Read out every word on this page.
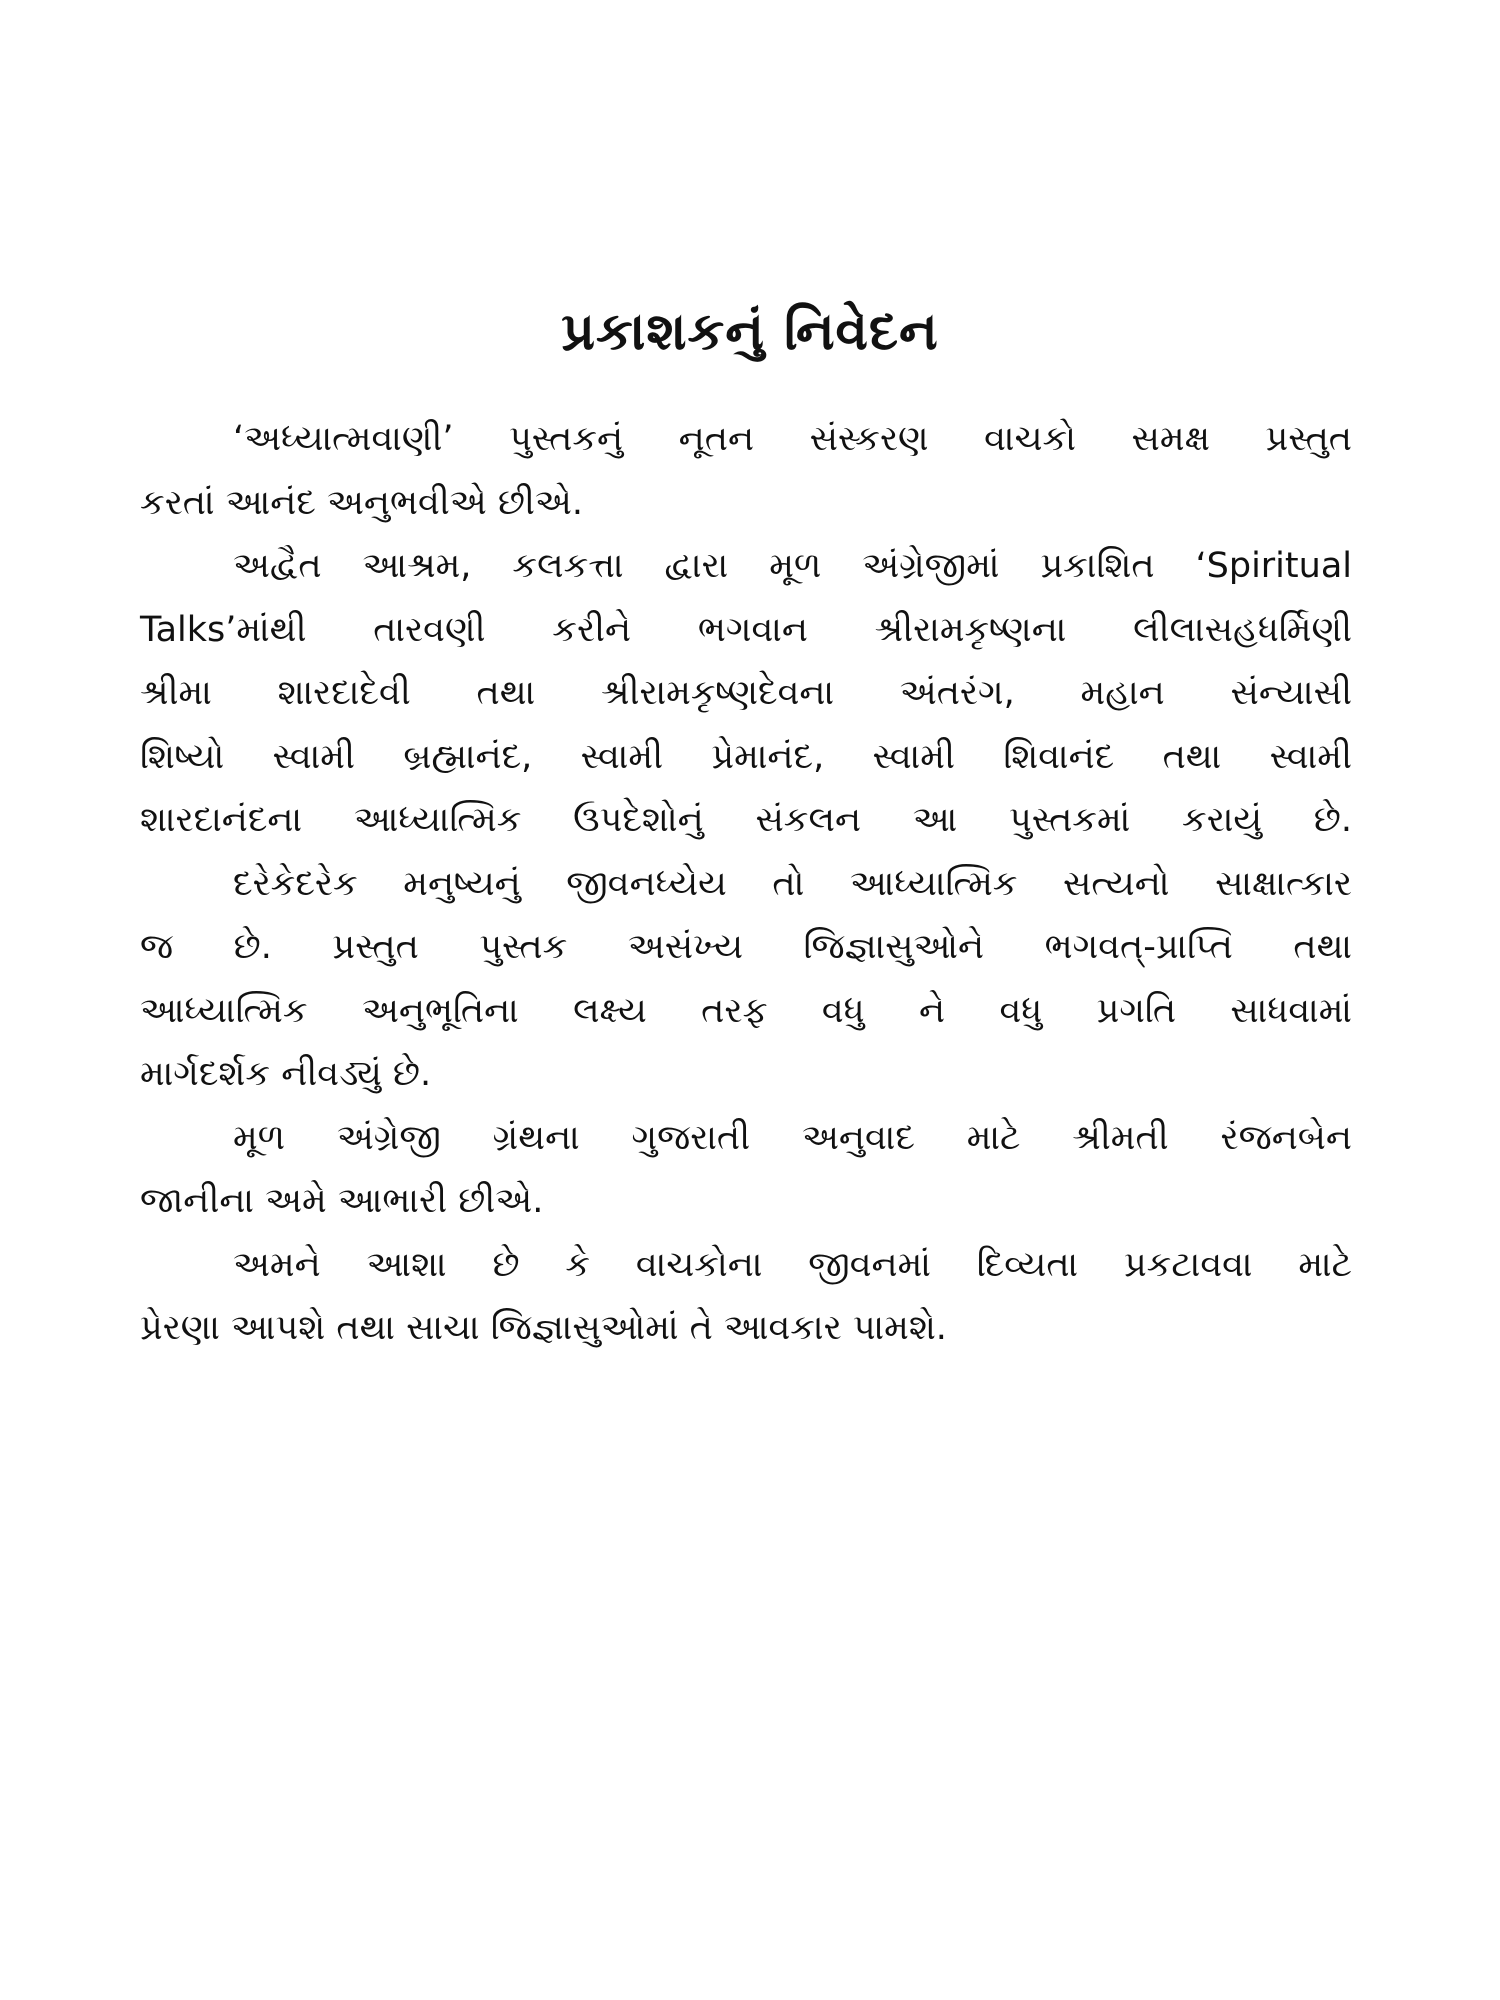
પ્રકાશકનું નિવેદન

‘અધ્યાત્મવાણી’ પુસ્તકનું નૂતન સંસ્કરણ વાચકો સમક્ષ પ્રસ્તુત
કરતાં આનંદ અનુભવીએ છીએ.

અદ્વૈત આશ્રમ, કલકત્તા દ્વારા મૂળ અંગ્રેજીમાં પ્રકાશિત ‘Spiritual
Talks’માંથી તારવણી કરીને ભગવાન શ્રીરામકૃષ્ણના લીલાસહધર્મિણી
શ્રીમા શારદાદેવી તથા શ્રીરામકૃષ્ણદેવના અંતરંગ, મહાન સંન્યાસી
શિષ્યો સ્વામી બ્રહ્માનંદ, સ્વામી પ્રેમાનંદ, સ્વામી શિવાનંદ તથા સ્વામી
શારદાનંદના આધ્યાત્મિક ઉપદેશોનું સંકલન આ પુસ્તકમાં કરાયું છે.

દરેકેદરેક મનુષ્યનું જીવનધ્યેય તો આધ્યાત્મિક સત્યનો સાક્ષાત્કાર
જ છે. પ્રસ્તુત પુસ્તક અસંખ્ય જિજ્ઞાસુઓને ભગવત્-પ્રાપ્તિ તથા
આધ્યાત્મિક અનુભૂતિના લક્ષ્ય તરફ વધુ ને વધુ પ્રગતિ સાધવામાં
માર્ગદર્શક નીવડ્યું છે.

મૂળ અંગ્રેજી ગ્રંથના ગુજરાતી અનુવાદ માટે શ્રીમતી રંજનબેન
જાનીના અમે આભારી છીએ.

અમને આશા છે કે વાચકોના જીવનમાં દિવ્યતા પ્રકટાવવા માટે
પ્રેરણા આપશે તથા સાચા જિજ્ઞાસુઓમાં તે આવકાર પામશે.
